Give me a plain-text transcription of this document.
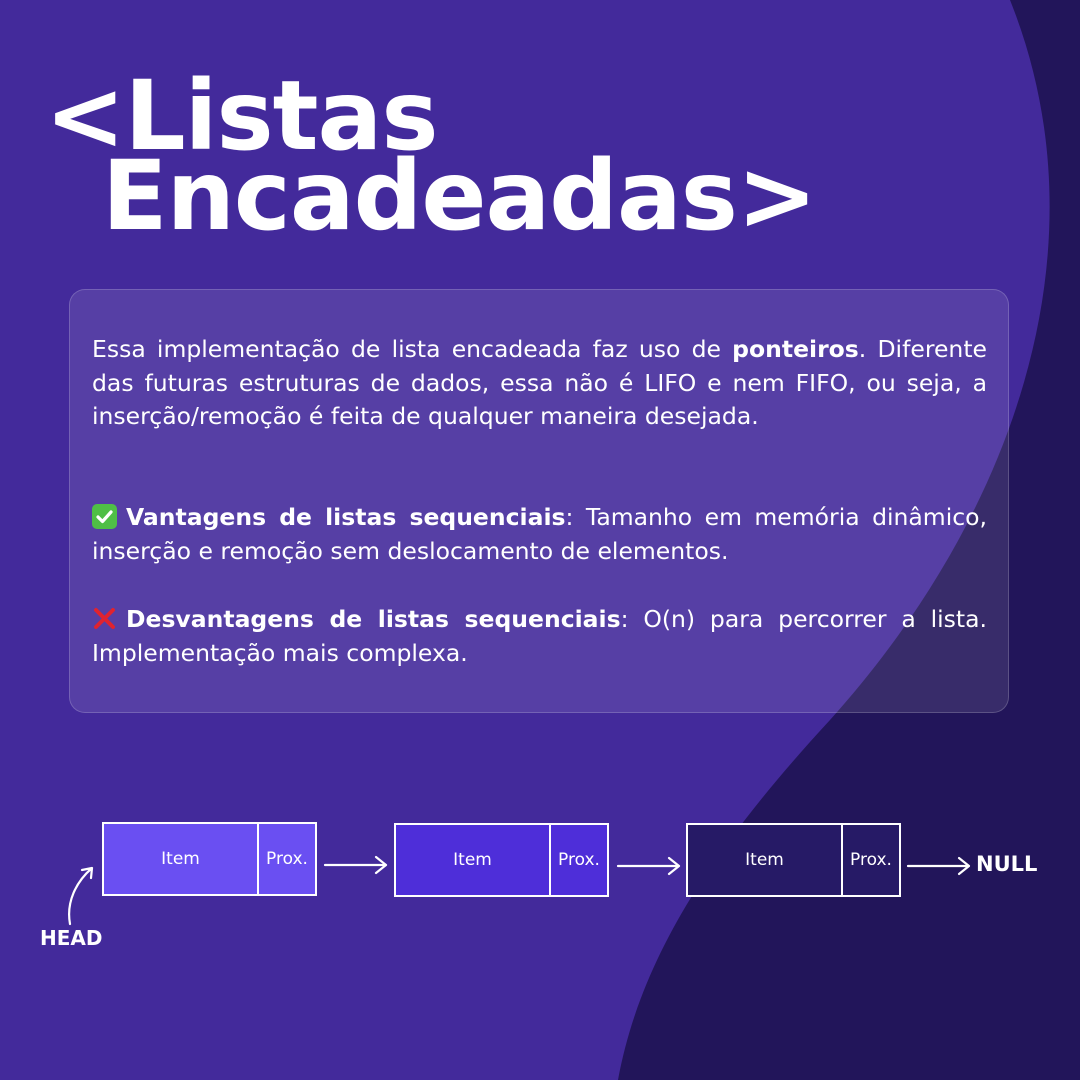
<Listas
Encadeadas>
Essa implementação de lista encadeada faz uso de ponteiros. Diferente das futuras estruturas de dados, essa não é LIFO e nem FIFO, ou seja, a inserção/remoção é feita de qualquer maneira desejada.
Vantagens de listas sequenciais: Tamanho em memória dinâmico, inserção e remoção sem deslocamento de elementos.
Desvantagens de listas sequenciais: O(n) para percorrer a lista. Implementação mais complexa.
Item	Prox.	Item	Prox.	Item	Prox.	NULL
HEAD
